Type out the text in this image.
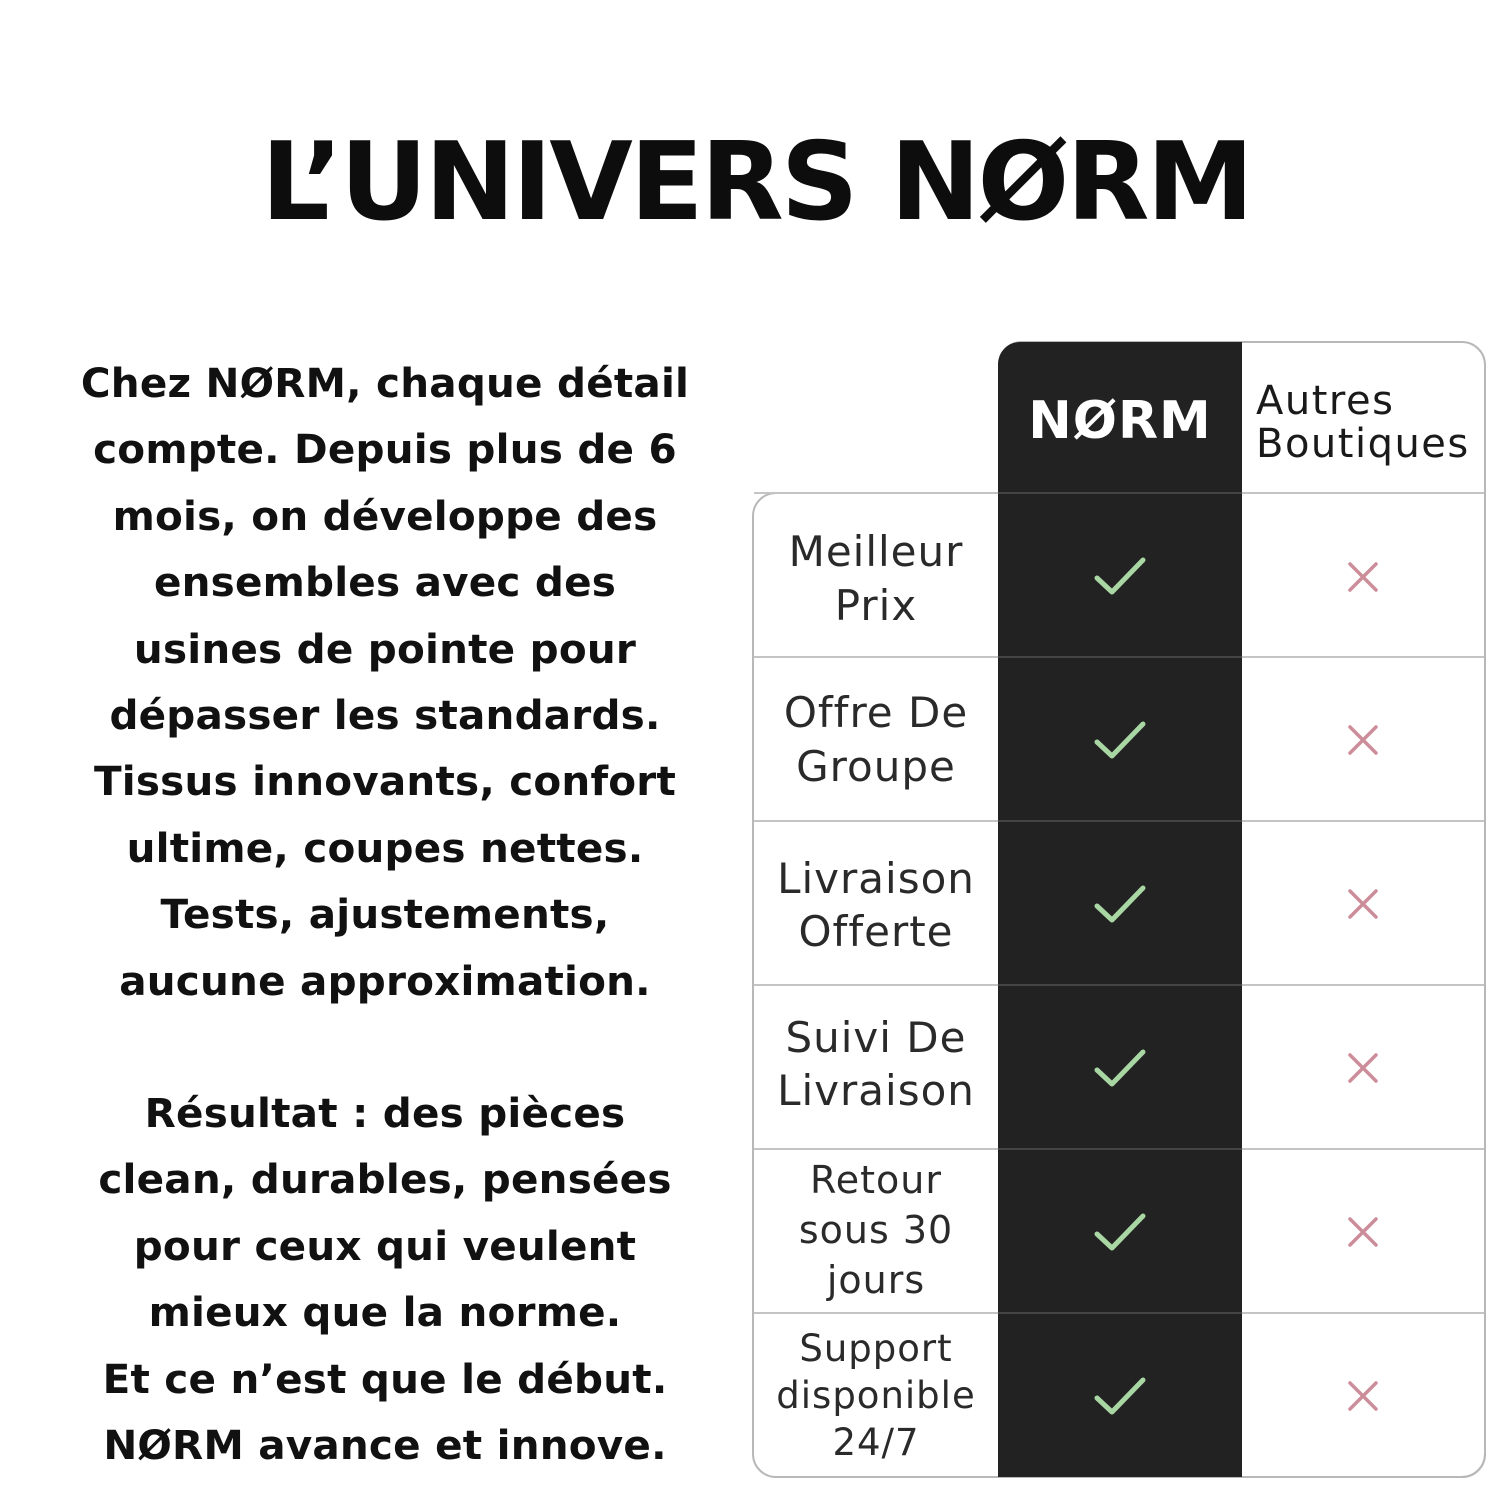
L’UNIVERS NØRM

Chez NØRM, chaque détail
compte. Depuis plus de 6
mois, on développe des
ensembles avec des
usines de pointe pour
dépasser les standards.
Tissus innovants, confort
ultime, coupes nettes.
Tests, ajustements,
aucune approximation.

Résultat : des pièces
clean, durables, pensées
pour ceux qui veulent
mieux que la norme.
Et ce n’est que le début.
NØRM avance et innove.

NØRM	Autres
Boutiques
Meilleur
Prix
Offre De
Groupe
Livraison
Offerte
Suivi De
Livraison
Retour
sous 30
jours
Support
disponible
24/7
